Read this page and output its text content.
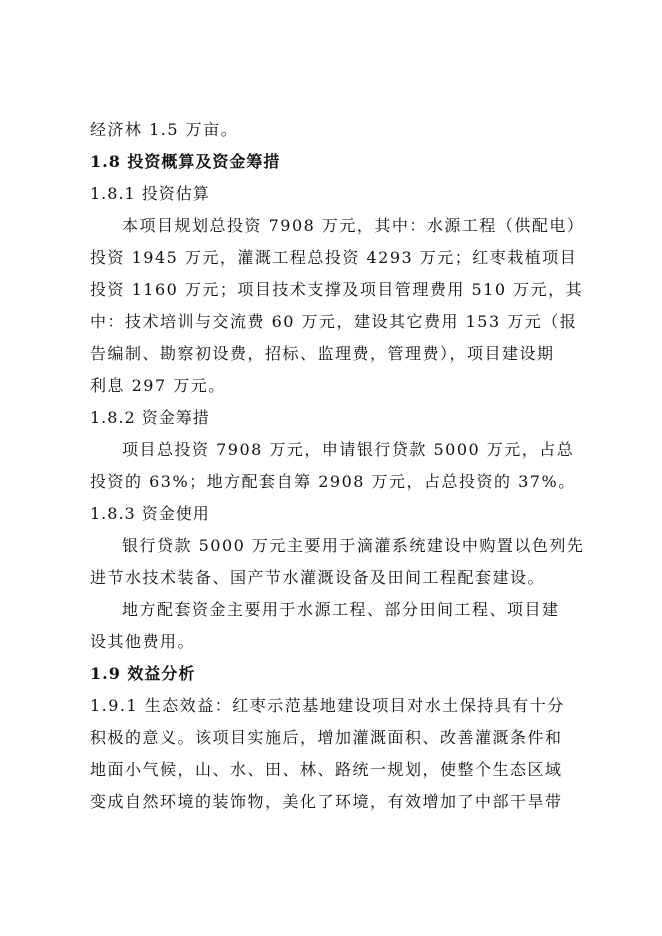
经济林 1.5 万亩。
1.8 投资概算及资金筹措
1.8.1 投资估算
本项目规划总投资 7908 万元，其中：水源工程（供配电）
投资 1945 万元，灌溉工程总投资 4293 万元；红枣栽植项目
投资 1160 万元；项目技术支撑及项目管理费用 510 万元，其
中：技术培训与交流费 60 万元，建设其它费用 153 万元（报
告编制、勘察初设费，招标、监理费，管理费），项目建设期
利息 297 万元。
1.8.2 资金筹措
项目总投资 7908 万元，申请银行贷款 5000 万元，占总
投资的 63%；地方配套自筹 2908 万元，占总投资的 37%。
1.8.3 资金使用
银行贷款 5000 万元主要用于滴灌系统建设中购置以色列先
进节水技术装备、国产节水灌溉设备及田间工程配套建设。
地方配套资金主要用于水源工程、部分田间工程、项目建
设其他费用。
1.9 效益分析
1.9.1 生态效益：红枣示范基地建设项目对水土保持具有十分
积极的意义。该项目实施后，增加灌溉面积、改善灌溉条件和
地面小气候，山、水、田、林、路统一规划，使整个生态区域
变成自然环境的装饰物，美化了环境，有效增加了中部干旱带
